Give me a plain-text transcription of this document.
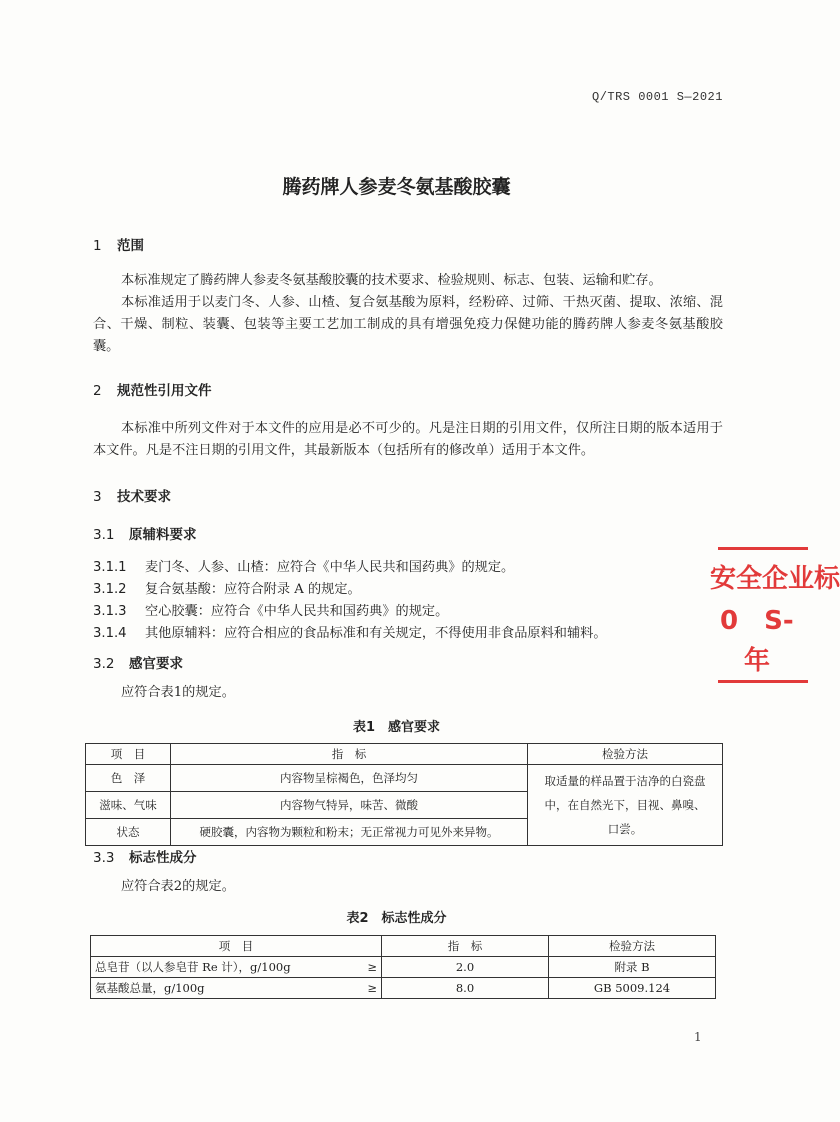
Q/TRS 0001 S—2021
腾药牌人参麦冬氨基酸胶囊
1 范围
本标准规定了腾药牌人参麦冬氨基酸胶囊的技术要求、检验规则、标志、包装、运输和贮存。
本标准适用于以麦门冬、人参、山楂、复合氨基酸为原料，经粉碎、过筛、干热灭菌、提取、浓缩、混合、干燥、制粒、装囊、包装等主要工艺加工制成的具有增强免疫力保健功能的腾药牌人参麦冬氨基酸胶囊。
2 规范性引用文件
本标准中所列文件对于本文件的应用是必不可少的。凡是注日期的引用文件，仅所注日期的版本适用于本文件。凡是不注日期的引用文件，其最新版本（包括所有的修改单）适用于本文件。
3 技术要求
3.1 原辅料要求
3.1.1 麦门冬、人参、山楂：应符合《中华人民共和国药典》的规定。
3.1.2 复合氨基酸：应符合附录 A 的规定。
3.1.3 空心胶囊：应符合《中华人民共和国药典》的规定。
3.1.4 其他原辅料：应符合相应的食品标准和有关规定，不得使用非食品原料和辅料。
3.2 感官要求
应符合表1的规定。
表1　感官要求
项　目	指　标	检验方法
色　泽	内容物呈棕褐色，色泽均匀	取适量的样品置于洁净的白瓷盘中，在自然光下，目视、鼻嗅、口尝。
滋味、气味	内容物气特异，味苦、微酸	
状态	硬胶囊，内容物为颗粒和粉末；无正常视力可见外来异物。	
3.3 标志性成分
应符合表2的规定。
表2　标志性成分
项　目		指　标	检验方法
总皂苷（以人参皂苷 Re 计），g/100g	≥	2.0	附录 B
氨基酸总量，g/100g	≥	8.0	GB 5009.124
1
安全企业标
0　S-
年
